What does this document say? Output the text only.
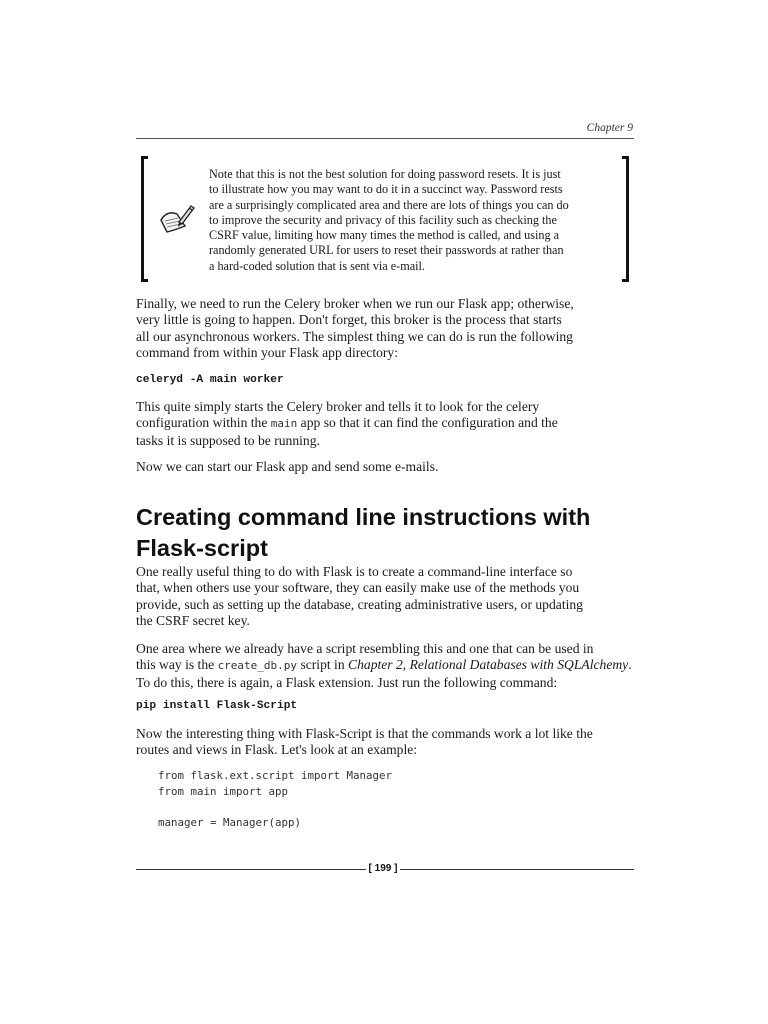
Chapter 9
Note that this is not the best solution for doing password resets. It is just
to illustrate how you may want to do it in a succinct way. Password rests
are a surprisingly complicated area and there are lots of things you can do
to improve the security and privacy of this facility such as checking the
CSRF value, limiting how many times the method is called, and using a
randomly generated URL for users to reset their passwords at rather than
a hard-coded solution that is sent via e-mail.
Finally, we need to run the Celery broker when we run our Flask app; otherwise,
very little is going to happen. Don't forget, this broker is the process that starts
all our asynchronous workers. The simplest thing we can do is run the following
command from within your Flask app directory:
celeryd -A main worker
This quite simply starts the Celery broker and tells it to look for the celery
configuration within the main app so that it can find the configuration and the
tasks it is supposed to be running.
Now we can start our Flask app and send some e-mails.
Creating command line instructions with
Flask-script
One really useful thing to do with Flask is to create a command-line interface so
that, when others use your software, they can easily make use of the methods you
provide, such as setting up the database, creating administrative users, or updating
the CSRF secret key.
One area where we already have a script resembling this and one that can be used in
this way is the create_db.py script in Chapter 2, Relational Databases with SQLAlchemy.
To do this, there is again, a Flask extension. Just run the following command:
pip install Flask-Script
Now the interesting thing with Flask-Script is that the commands work a lot like the
routes and views in Flask. Let's look at an example:
from flask.ext.script import Manager
from main import app
manager = Manager(app)
[ 199 ]
